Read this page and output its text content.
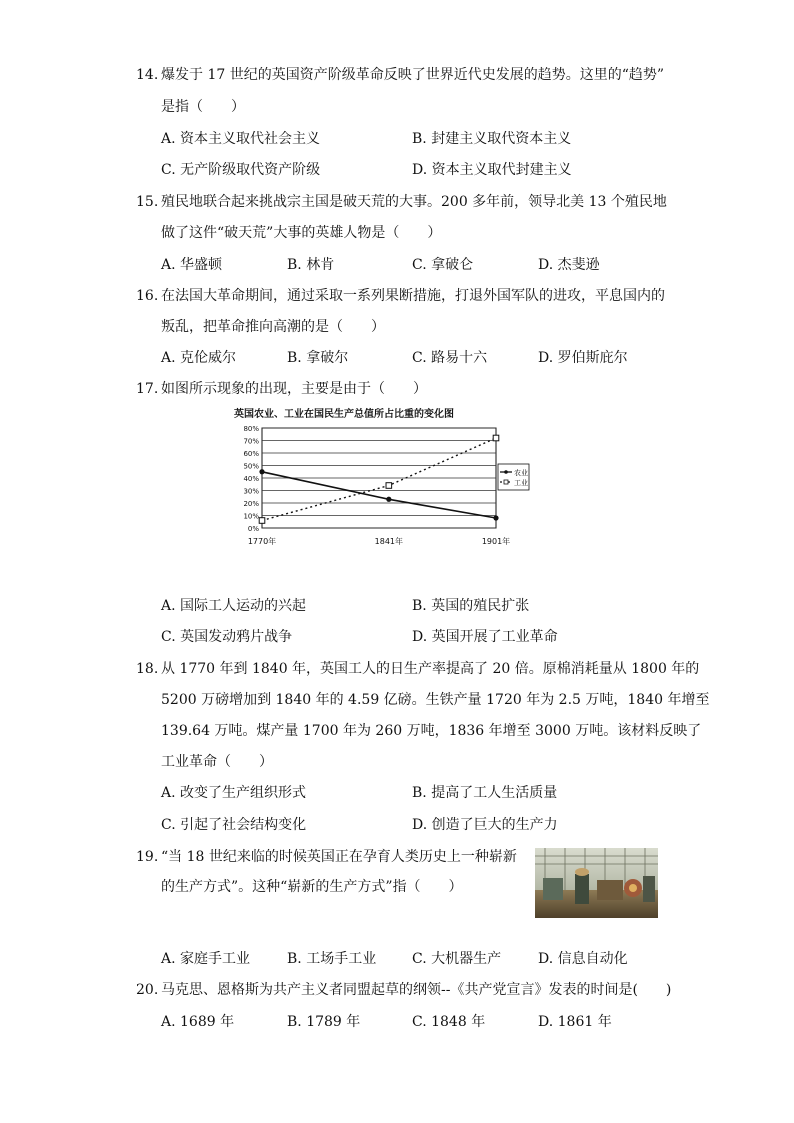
14. 爆发于 17 世纪的英国资产阶级革命反映了世界近代史发展的趋势。这里的“趋势”
是指（　　）
A. 资本主义取代社会主义	B. 封建主义取代资本主义
C. 无产阶级取代资产阶级	D. 资本主义取代封建主义
15. 殖民地联合起来挑战宗主国是破天荒的大事。200 多年前，领导北美 13 个殖民地
做了这件“破天荒”大事的英雄人物是（　　）
A. 华盛顿	B. 林肯	C. 拿破仑	D. 杰斐逊
16. 在法国大革命期间，通过采取一系列果断措施，打退外国军队的进攻，平息国内的
叛乱，把革命推向高潮的是（　　）
A. 克伦威尔	B. 拿破尔	C. 路易十六	D. 罗伯斯庇尔
17. 如图所示现象的出现，主要是由于（　　）
A. 国际工人运动的兴起	B. 英国的殖民扩张
C. 英国发动鸦片战争	D. 英国开展了工业革命
英国农业、工业在国民生产总值所占比重的变化图
80%
70%
60%
50%
40%
30%
20%
10%
0%
1770年	1841年	1901年
农业
工业
18. 从 1770 年到 1840 年，英国工人的日生产率提高了 20 倍。原棉消耗量从 1800 年的
5200 万磅增加到 1840 年的 4.59 亿磅。生铁产量 1720 年为 2.5 万吨，1840 年增至
139.64 万吨。煤产量 1700 年为 260 万吨，1836 年增至 3000 万吨。该材料反映了
工业革命（　　）
A. 改变了生产组织形式	B. 提高了工人生活质量
C. 引起了社会结构变化	D. 创造了巨大的生产力
19. “当 18 世纪来临的时候英国正在孕育人类历史上一种崭新
的生产方式”。这种“崭新的生产方式”指（　　）
A. 家庭手工业	B. 工场手工业	C. 大机器生产	D. 信息自动化
20. 马克思、恩格斯为共产主义者同盟起草的纲领--《共产党宣言》发表的时间是(　　)
A. 1689 年	B. 1789 年	C. 1848 年	D. 1861 年
